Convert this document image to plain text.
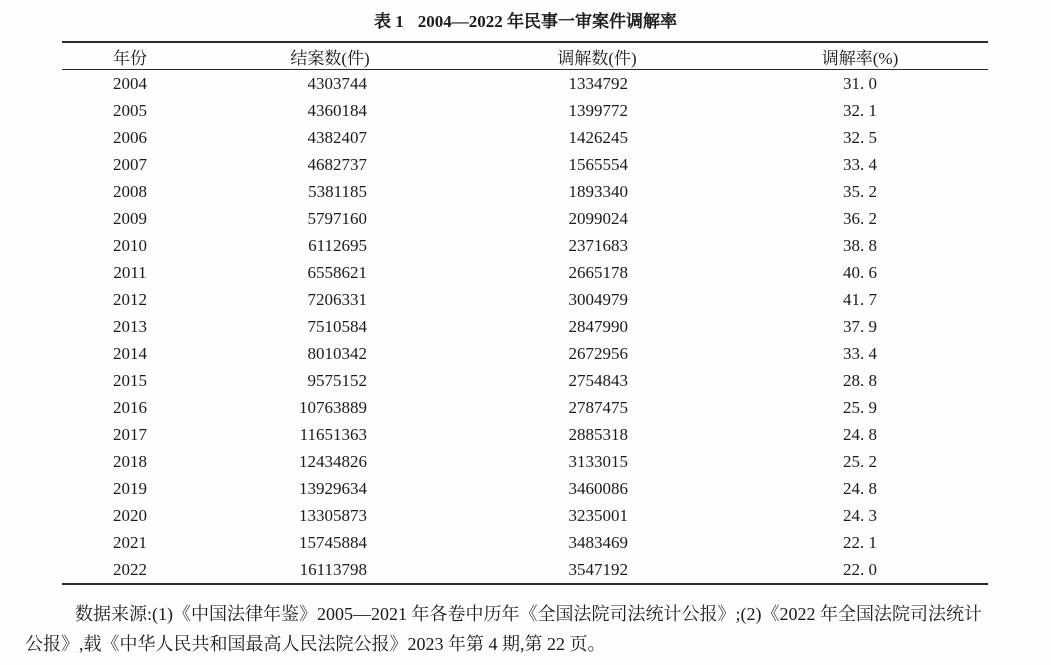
表 1 2004—2022 年民事一审案件调解率
年份	结案数(件)	调解数(件)	调解率(%)
2004	4303744	1334792	31. 0
2005	4360184	1399772	32. 1
2006	4382407	1426245	32. 5
2007	4682737	1565554	33. 4
2008	5381185	1893340	35. 2
2009	5797160	2099024	36. 2
2010	6112695	2371683	38. 8
2011	6558621	2665178	40. 6
2012	7206331	3004979	41. 7
2013	7510584	2847990	37. 9
2014	8010342	2672956	33. 4
2015	9575152	2754843	28. 8
2016	10763889	2787475	25. 9
2017	11651363	2885318	24. 8
2018	12434826	3133015	25. 2
2019	13929634	3460086	24. 8
2020	13305873	3235001	24. 3
2021	15745884	3483469	22. 1
2022	16113798	3547192	22. 0
数据来源:(1)《中国法律年鉴》2005—2021 年各卷中历年《全国法院司法统计公报》;(2)《2022 年全国法院司法统计
公报》,载《中华人民共和国最高人民法院公报》2023 年第 4 期,第 22 页。
